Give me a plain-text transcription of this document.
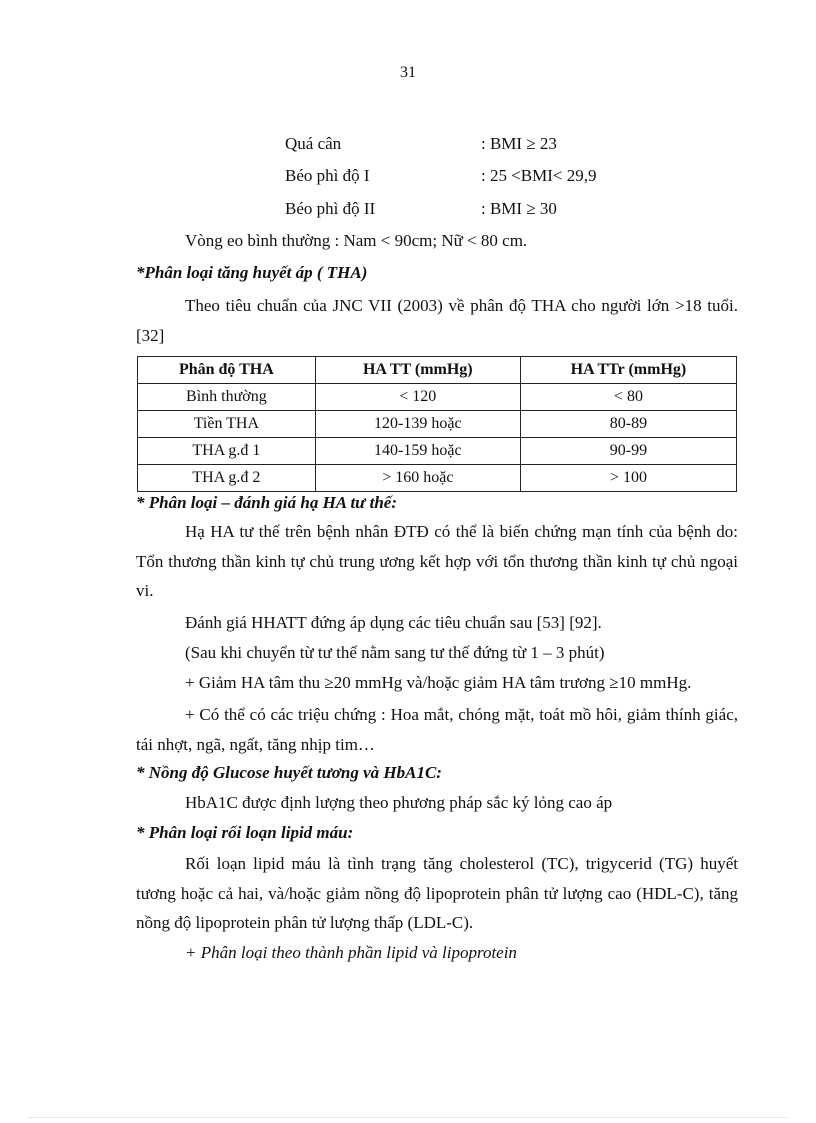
31
Quá cân	: BMI ≥ 23
Béo phì độ I	: 25 <BMI< 29,9
Béo phì độ II	: BMI ≥ 30
Vòng eo bình thường : Nam < 90cm; Nữ < 80 cm.
*Phân loại tăng huyết áp ( THA)
Theo tiêu chuẩn của JNC VII (2003) về phân độ THA cho người lớn >18 tuổi. [32]
Phân độ THA	HA TT (mmHg)	HA TTr (mmHg)
Bình thường	< 120	< 80
Tiền THA	120-139 hoặc	80-89
THA g.đ 1	140-159 hoặc	90-99
THA g.đ 2	> 160 hoặc	> 100
* Phân loại – đánh giá hạ HA tư thế:
Hạ HA tư thế trên bệnh nhân ĐTĐ có thể là biến chứng mạn tính của bệnh do: Tổn thương thần kinh tự chủ trung ương kết hợp với tổn thương thần kinh tự chủ ngoại vi.
Đánh giá HHATT đứng áp dụng các tiêu chuẩn sau [53] [92].
(Sau khi chuyển từ tư thế nằm sang tư thế đứng từ 1 – 3 phút)
+ Giảm HA tâm thu ≥20 mmHg và/hoặc giảm HA tâm trương ≥10 mmHg.
+ Có thể có các triệu chứng : Hoa mắt, chóng mặt, toát mồ hôi, giảm thính giác, tái nhợt, ngã, ngất, tăng nhịp tim…
* Nồng độ Glucose huyết tương và HbA1C:
HbA1C được định lượng theo phương pháp sắc ký lỏng cao áp
* Phân loại rối loạn lipid máu:
Rối loạn lipid máu là tình trạng tăng cholesterol (TC), trigycerid (TG) huyết tương hoặc cả hai, và/hoặc giảm nồng độ lipoprotein phân tử lượng cao (HDL-C), tăng nồng độ lipoprotein phân tử lượng thấp (LDL-C).
+ Phân loại theo thành phần lipid và lipoprotein
